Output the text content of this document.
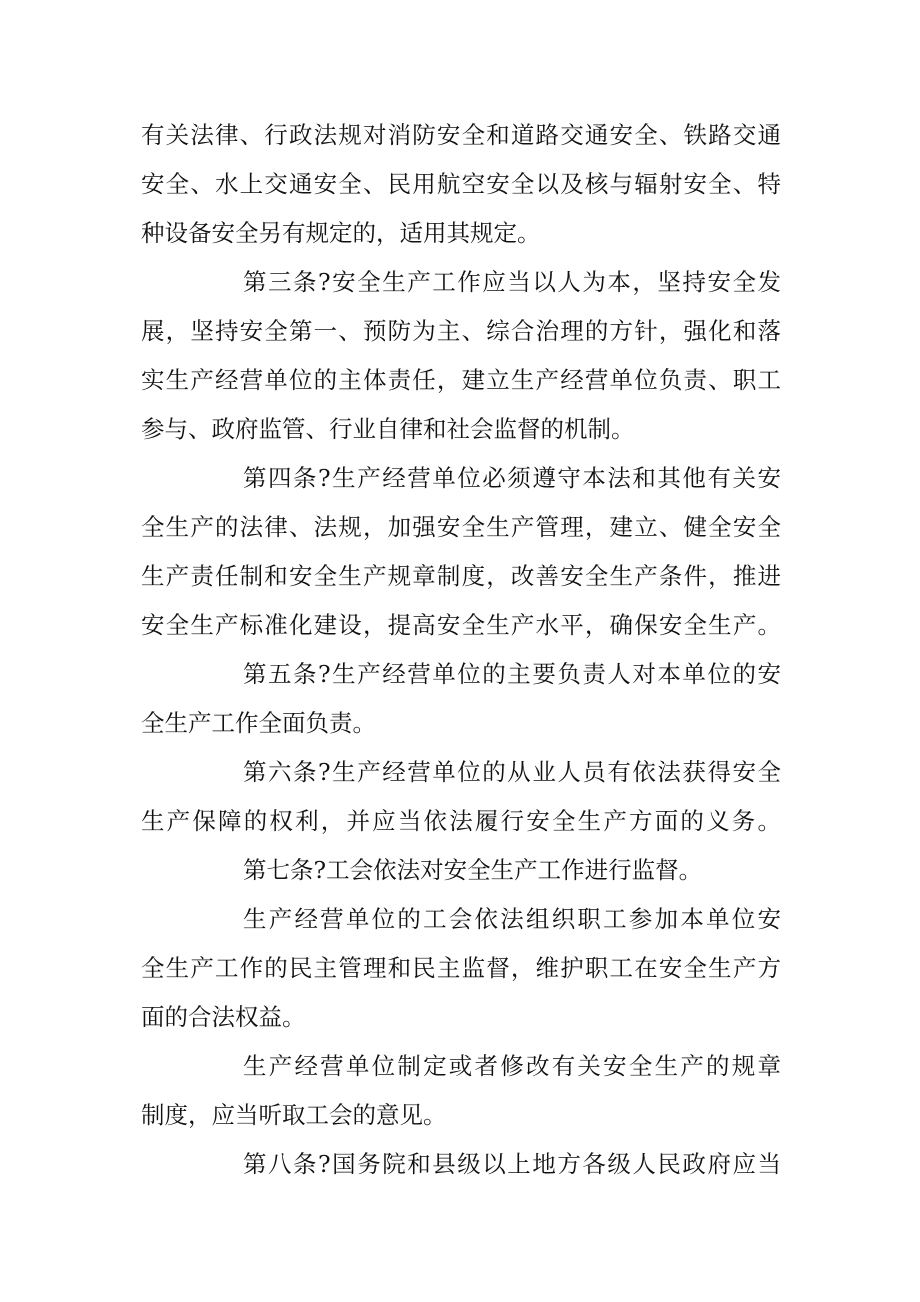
有关法律、行政法规对消防安全和道路交通安全、铁路交通
安全、水上交通安全、民用航空安全以及核与辐射安全、特
种设备安全另有规定的，适用其规定。
第三条?安全生产工作应当以人为本，坚持安全发
展，坚持安全第一、预防为主、综合治理的方针，强化和落
实生产经营单位的主体责任，建立生产经营单位负责、职工
参与、政府监管、行业自律和社会监督的机制。
第四条?生产经营单位必须遵守本法和其他有关安
全生产的法律、法规，加强安全生产管理，建立、健全安全
生产责任制和安全生产规章制度，改善安全生产条件，推进
安全生产标准化建设，提高安全生产水平，确保安全生产。
第五条?生产经营单位的主要负责人对本单位的安
全生产工作全面负责。
第六条?生产经营单位的从业人员有依法获得安全
生产保障的权利，并应当依法履行安全生产方面的义务。
第七条?工会依法对安全生产工作进行监督。
生产经营单位的工会依法组织职工参加本单位安
全生产工作的民主管理和民主监督，维护职工在安全生产方
面的合法权益。
生产经营单位制定或者修改有关安全生产的规章
制度，应当听取工会的意见。
第八条?国务院和县级以上地方各级人民政府应当
